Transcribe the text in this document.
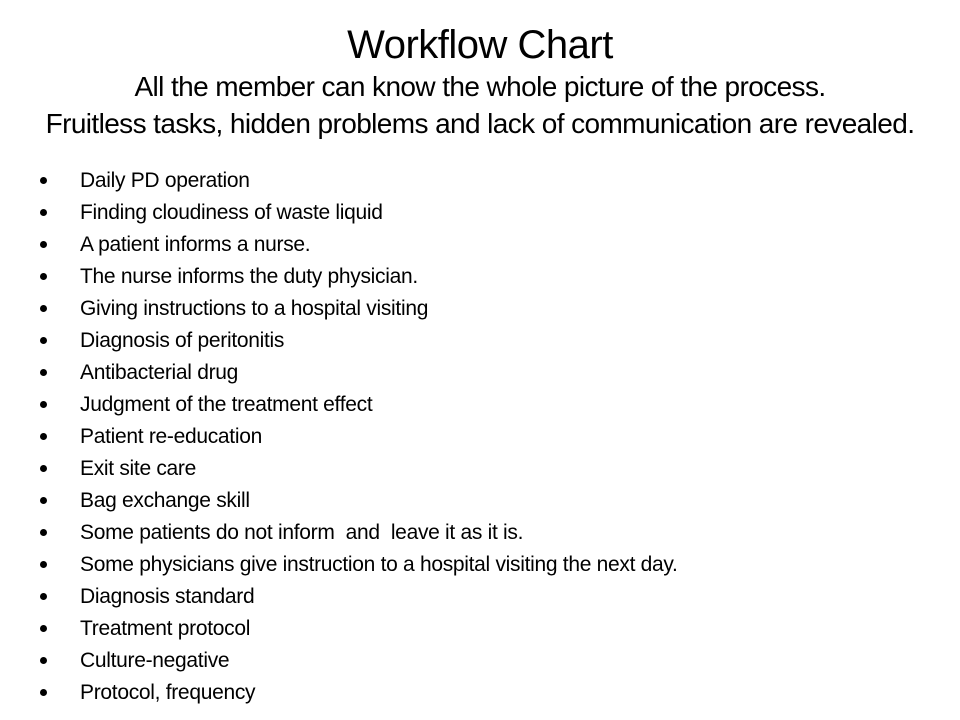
Workflow Chart
All the member can know the whole picture of the process.
Fruitless tasks, hidden problems and lack of communication are revealed.
Daily PD operation
Finding cloudiness of waste liquid
A patient informs a nurse.
The nurse informs the duty physician.
Giving instructions to a hospital visiting
Diagnosis of peritonitis
Antibacterial drug
Judgment of the treatment effect
Patient re-education
Exit site care
Bag exchange skill
Some patients do not inform  and  leave it as it is.
Some physicians give instruction to a hospital visiting the next day.
Diagnosis standard
Treatment protocol
Culture-negative
Protocol, frequency
